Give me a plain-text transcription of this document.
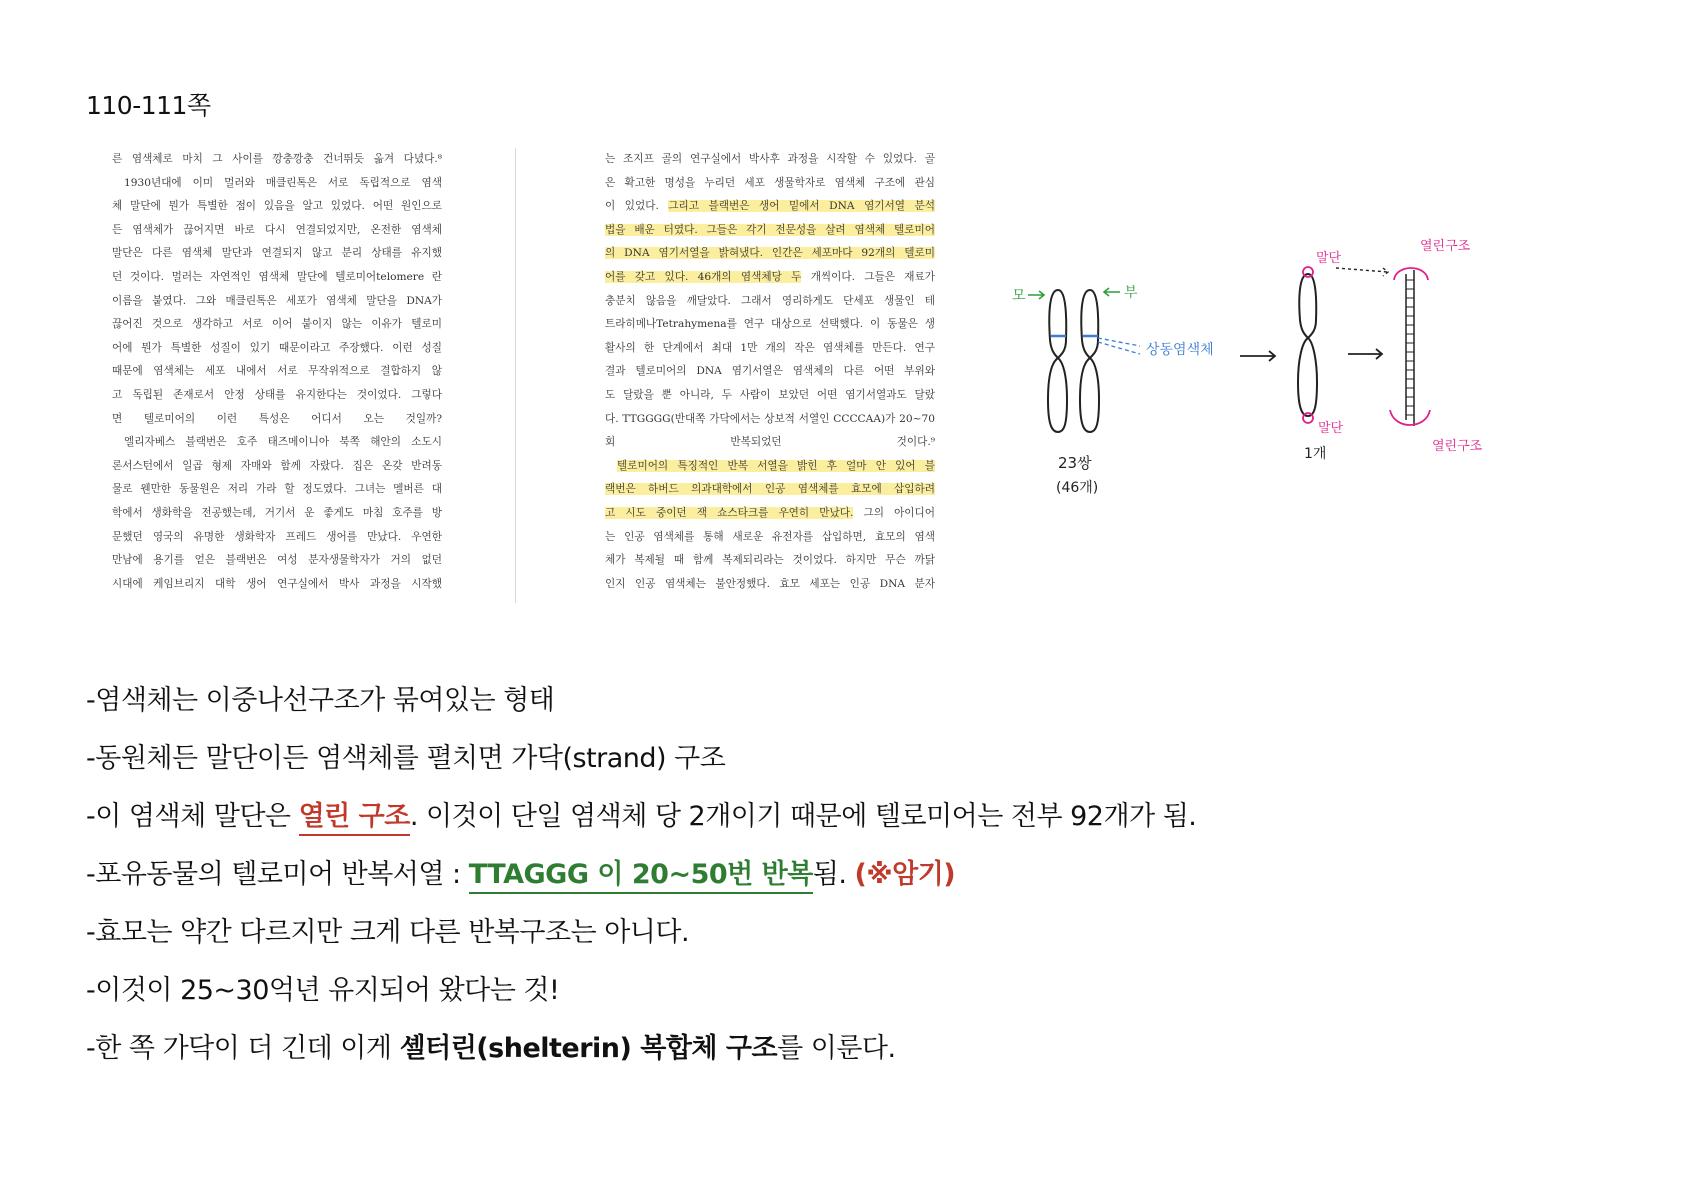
110-111쪽
른 염색체로 마치 그 사이를 깡충깡충 건너뛰듯 옮겨 다녔다.⁸
1930년대에 이미 멀러와 매클린톡은 서로 독립적으로 염색
체 말단에 뭔가 특별한 점이 있음을 알고 있었다. 어떤 원인으로
든 염색체가 끊어지면 바로 다시 연결되었지만, 온전한 염색체
말단은 다른 염색체 말단과 연결되지 않고 분리 상태를 유지했
던 것이다. 멀러는 자연적인 염색체 말단에 텔로미어telomere 란
이름을 붙였다. 그와 매클린톡은 세포가 염색체 말단을 DNA가
끊어진 것으로 생각하고 서로 이어 붙이지 않는 이유가 텔로미
어에 뭔가 특별한 성질이 있기 때문이라고 주장했다. 이런 성질
때문에 염색체는 세포 내에서 서로 무작위적으로 결합하지 않
고 독립된 존재로서 안정 상태를 유지한다는 것이었다. 그렇다
면 텔로미어의 이런 특성은 어디서 오는 것일까?
엘리자베스 블랙번은 호주 태즈메이니아 북쪽 해안의 소도시
론서스턴에서 일곱 형제 자매와 함께 자랐다. 집은 온갖 반려동
물로 웬만한 동물원은 저리 가라 할 정도였다. 그녀는 멜버른 대
학에서 생화학을 전공했는데, 거기서 운 좋게도 마침 호주를 방
문했던 영국의 유명한 생화학자 프레드 생어를 만났다. 우연한
만남에 용기를 얻은 블랙번은 여성 분자생물학자가 거의 없던
시대에 케임브리지 대학 생어 연구실에서 박사 과정을 시작했
는 조지프 골의 연구실에서 박사후 과정을 시작할 수 있었다. 골
은 확고한 명성을 누리던 세포 생물학자로 염색체 구조에 관심
이 있었다. 그리고 블랙번은 생어 밑에서 DNA 염기서열 분석
법을 배운 터였다. 그들은 각기 전문성을 살려 염색체 텔로미어
의 DNA 염기서열을 밝혀냈다. 인간은 세포마다 92개의 텔로미
어를 갖고 있다. 46개의 염색체당 두 개씩이다. 그들은 재료가
충분치 않음을 깨달았다. 그래서 영리하게도 단세포 생물인 테
트라히메나Tetrahymena를 연구 대상으로 선택했다. 이 동물은 생
활사의 한 단계에서 최대 1만 개의 작은 염색체를 만든다. 연구
결과 텔로미어의 DNA 염기서열은 염색체의 다른 어떤 부위와
도 달랐을 뿐 아니라, 두 사람이 보았던 어떤 염기서열과도 달랐
다. TTGGGG(반대쪽 가닥에서는 상보적 서열인 CCCCAA)가 20~70
회 반복되었던 것이다.⁹
텔로미어의 특징적인 반복 서열을 밝힌 후 얼마 안 있어 블
랙번은 하버드 의과대학에서 인공 염색체를 효모에 삽입하려
고 시도 중이던 잭 쇼스타크를 우연히 만났다. 그의 아이디어
는 인공 염색체를 통해 새로운 유전자를 삽입하면, 효모의 염색
체가 복제될 때 함께 복제되리라는 것이었다. 하지만 무슨 까닭
인지 인공 염색체는 불안정했다. 효모 세포는 인공 DNA 분자
모	부
상동염색체
23쌍
(46개)
말단
말단
1개
열린구조
열린구조
-염색체는 이중나선구조가 묶여있는 형태
-동원체든 말단이든 염색체를 펼치면 가닥(strand) 구조
-이 염색체 말단은 열린 구조. 이것이 단일 염색체 당 2개이기 때문에 텔로미어는 전부 92개가 됨.
-포유동물의 텔로미어 반복서열 : TTAGGG 이 20~50번 반복됨. (※암기)
-효모는 약간 다르지만 크게 다른 반복구조는 아니다.
-이것이 25~30억년 유지되어 왔다는 것!
-한 쪽 가닥이 더 긴데 이게 셸터린(shelterin) 복합체 구조를 이룬다.
